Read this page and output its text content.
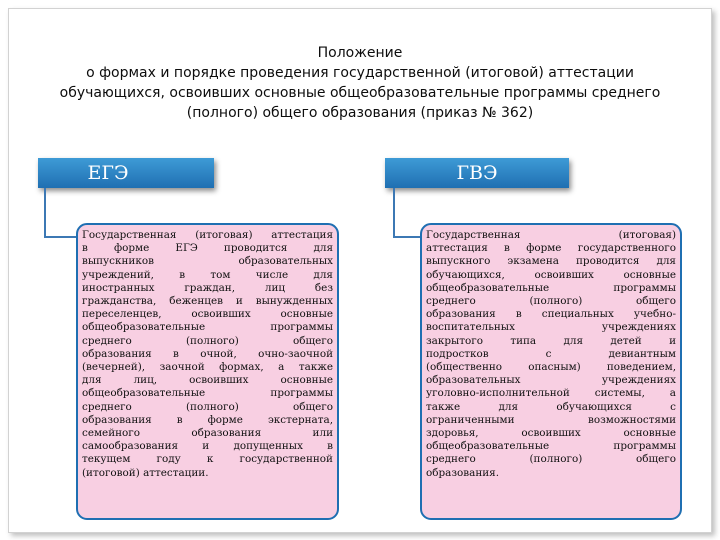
Положение
о формах и порядке проведения государственной (итоговой) аттестации
обучающихся, освоивших основные общеобразовательные программы среднего
(полного) общего образования (приказ № 362)
ЕГЭ	ГВЭ
Государственная (итоговая) аттестация
в форме ЕГЭ проводится для
выпускников образовательных
учреждений, в том числе для
иностранных граждан, лиц без
гражданства, беженцев и вынужденных
переселенцев, освоивших основные
общеобразовательные программы
среднего (полного) общего
образования в очной, очно-заочной
(вечерней), заочной формах, а также
для лиц, освоивших основные
общеобразовательные программы
среднего (полного) общего
образования в форме экстерната,
семейного образования или
самообразования и допущенных в
текущем году к государственной
(итоговой) аттестации.
Государственная (итоговая)
аттестация в форме государственного
выпускного экзамена проводится для
обучающихся, освоивших основные
общеобразовательные программы
среднего (полного) общего
образования в специальных учебно-
воспитательных учреждениях
закрытого типа для детей и
подростков с девиантным
(общественно опасным) поведением,
образовательных учреждениях
уголовно-исполнительной системы, а
также для обучающихся с
ограниченными возможностями
здоровья, освоивших основные
общеобразовательные программы
среднего (полного) общего
образования.
